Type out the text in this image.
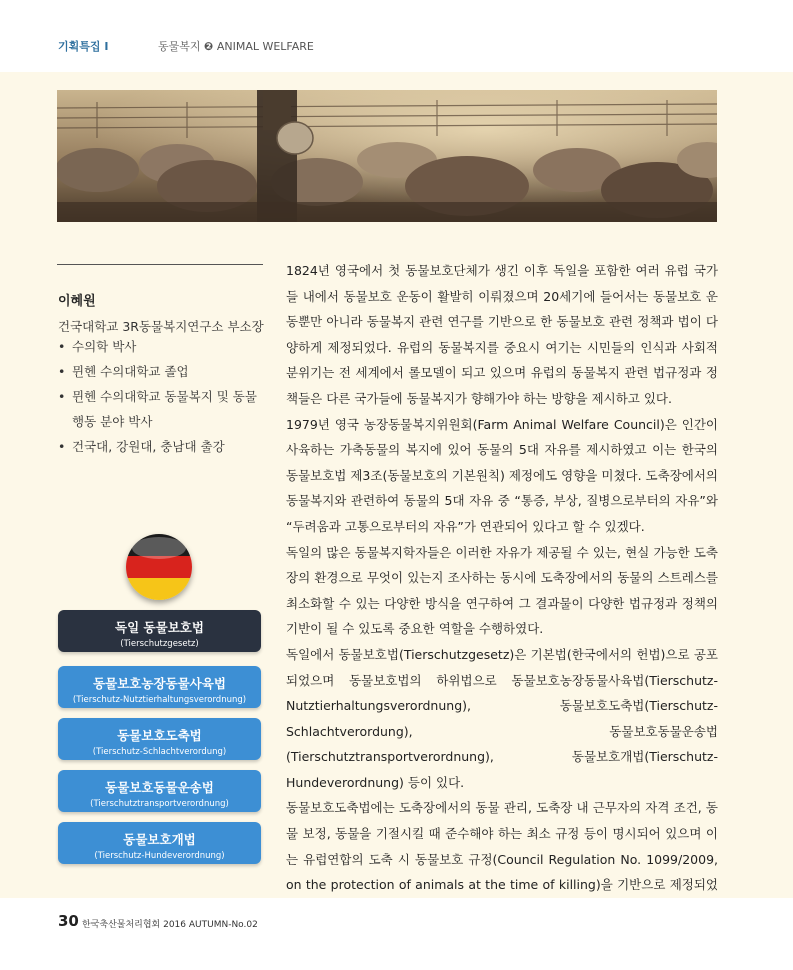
기획특집 I	동물복지 ❷ ANIMAL WELFARE
이혜원
건국대학교 3R동물복지연구소 부소장
• 수의학 박사
• 뮌헨 수의대학교 졸업
• 뮌헨 수의대학교 동물복지 및 동물 행동 분야 박사
• 건국대, 강원대, 충남대 출강
독일 동물보호법
(Tierschutzgesetz)
동물보호농장동물사육법
(Tierschutz-Nutztierhaltungsverordnung)
동물보호도축법
(Tierschutz-Schlachtverordung)
동물보호동물운송법
(Tierschutztransportverordnung)
동물보호개법
(Tierschutz-Hundeverordnung)

1824년 영국에서 첫 동물보호단체가 생긴 이후 독일을 포함한 여러 유럽 국가들 내에서 동물보호 운동이 활발히 이뤄졌으며 20세기에 들어서는 동물보호 운동뿐만 아니라 동물복지 관련 연구를 기반으로 한 동물보호 관련 정책과 법이 다양하게 제정되었다. 유럽의 동물복지를 중요시 여기는 시민들의 인식과 사회적 분위기는 전 세계에서 롤모델이 되고 있으며 유럽의 동물복지 관련 법규정과 정책들은 다른 국가들에 동물복지가 향해가야 하는 방향을 제시하고 있다.

1979년 영국 농장동물복지위원회(Farm Animal Welfare Council)은 인간이 사육하는 가축동물의 복지에 있어 동물의 5대 자유를 제시하였고 이는 한국의 동물보호법 제3조(동물보호의 기본원칙) 제정에도 영향을 미쳤다. 도축장에서의 동물복지와 관련하여 동물의 5대 자유 중 “통증, 부상, 질병으로부터의 자유”와 “두려움과 고통으로부터의 자유”가 연관되어 있다고 할 수 있겠다.

독일의 많은 동물복지학자들은 이러한 자유가 제공될 수 있는, 현실 가능한 도축장의 환경으로 무엇이 있는지 조사하는 동시에 도축장에서의 동물의 스트레스를 최소화할 수 있는 다양한 방식을 연구하여 그 결과물이 다양한 법규정과 정책의 기반이 될 수 있도록 중요한 역할을 수행하였다.

독일에서 동물보호법(Tierschutzgesetz)은 기본법(한국에서의 헌법)으로 공포되었으며 동물보호법의 하위법으로 동물보호농장동물사육법(Tierschutz-Nutztierhaltungsverordnung), 동물보호도축법(Tierschutz-Schlachtverordung), 동물보호동물운송법(Tierschutztransportverordnung), 동물보호개법(Tierschutz-Hundeverordnung) 등이 있다.

동물보호도축법에는 도축장에서의 동물 관리, 도축장 내 근무자의 자격 조건, 동물 보정, 동물을 기절시킬 때 준수해야 하는 최소 규정 등이 명시되어 있으며 이는 유럽연합의 도축 시 동물보호 규정(Council Regulation No. 1099/2009, on the protection of animals at the time of killing)을 기반으로 제정되었

30 한국축산물처리협회 2016 AUTUMN-No.02
